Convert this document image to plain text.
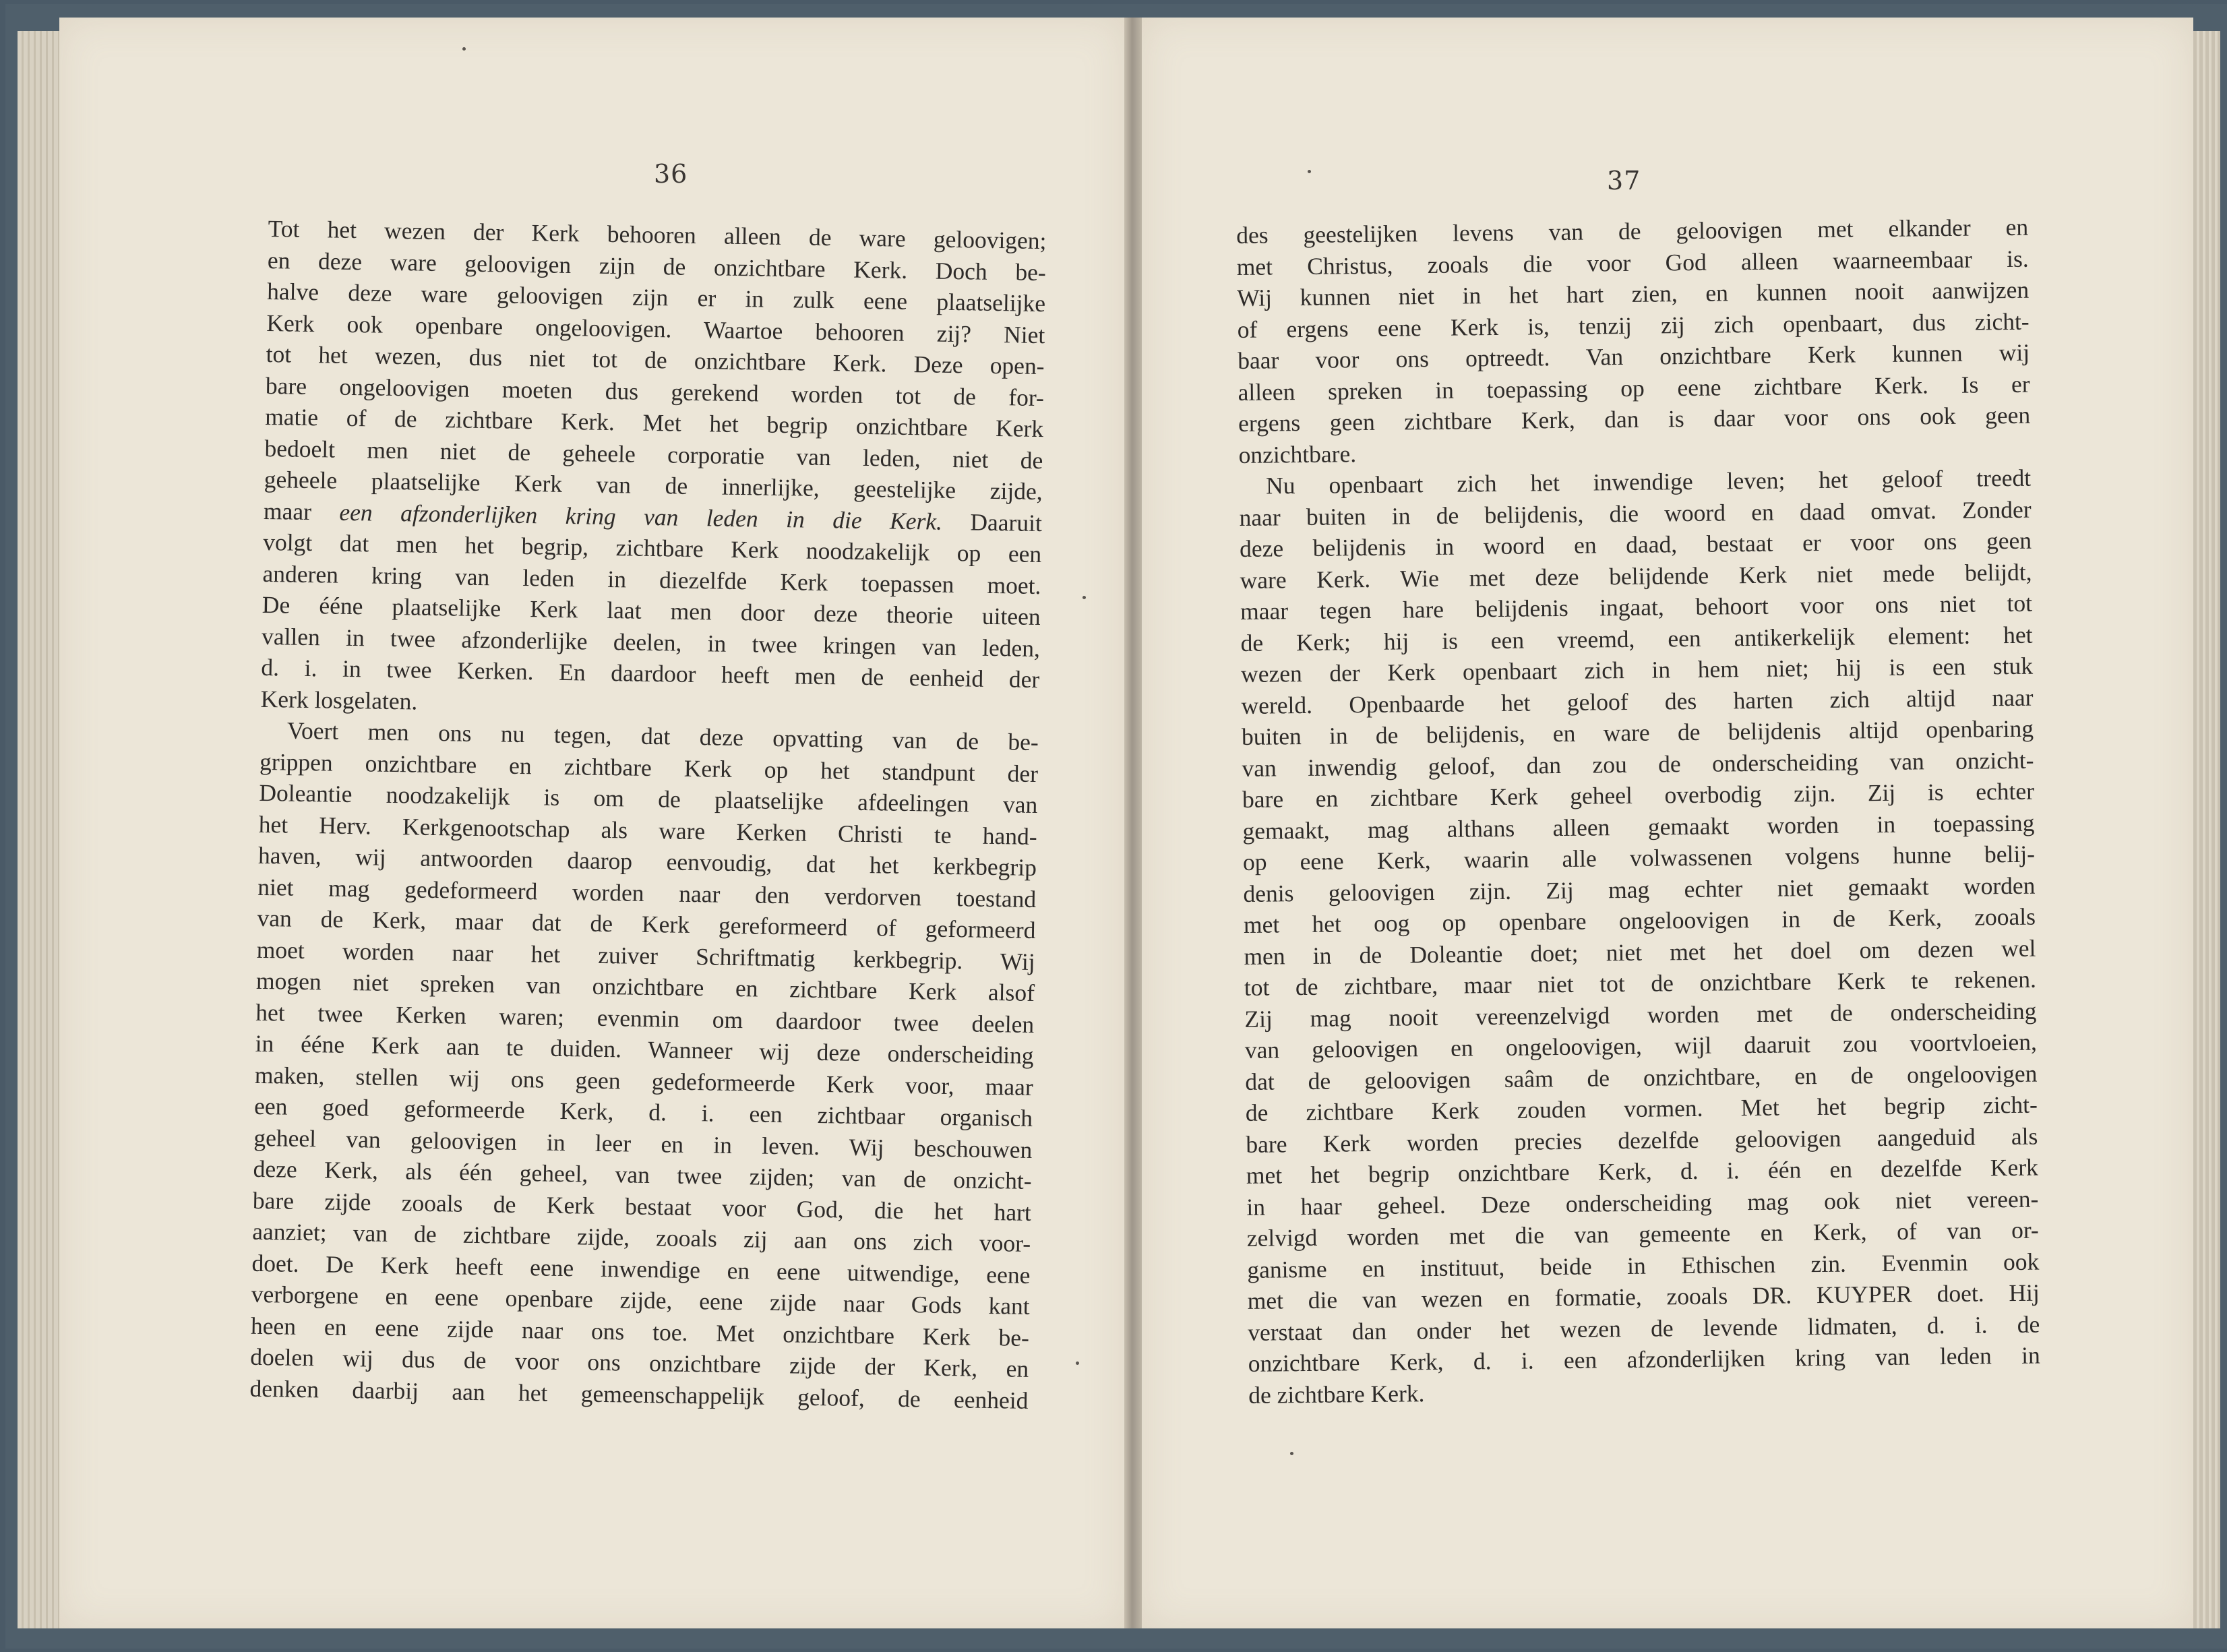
36
Tot het wezen der Kerk behooren alleen de ware geloovigen;
en deze ware geloovigen zijn de onzichtbare Kerk. Doch be-
halve deze ware geloovigen zijn er in zulk eene plaatselijke
Kerk ook openbare ongeloovigen. Waartoe behooren zij? Niet
tot het wezen, dus niet tot de onzichtbare Kerk. Deze open-
bare ongeloovigen moeten dus gerekend worden tot de for-
matie of de zichtbare Kerk. Met het begrip onzichtbare Kerk
bedoelt men niet de geheele corporatie van leden, niet de
geheele plaatselijke Kerk van de innerlijke, geestelijke zijde,
maar een afzonderlijken kring van leden in die Kerk. Daaruit
volgt dat men het begrip, zichtbare Kerk noodzakelijk op een
anderen kring van leden in diezelfde Kerk toepassen moet.
De ééne plaatselijke Kerk laat men door deze theorie uiteen
vallen in twee afzonderlijke deelen, in twee kringen van leden,
d. i. in twee Kerken. En daardoor heeft men de eenheid der
Kerk losgelaten.
Voert men ons nu tegen, dat deze opvatting van de be-
grippen onzichtbare en zichtbare Kerk op het standpunt der
Doleantie noodzakelijk is om de plaatselijke afdeelingen van
het Herv. Kerkgenootschap als ware Kerken Christi te hand-
haven, wij antwoorden daarop eenvoudig, dat het kerkbegrip
niet mag gedeformeerd worden naar den verdorven toestand
van de Kerk, maar dat de Kerk gereformeerd of geformeerd
moet worden naar het zuiver Schriftmatig kerkbegrip. Wij
mogen niet spreken van onzichtbare en zichtbare Kerk alsof
het twee Kerken waren; evenmin om daardoor twee deelen
in ééne Kerk aan te duiden. Wanneer wij deze onderscheiding
maken, stellen wij ons geen gedeformeerde Kerk voor, maar
een goed geformeerde Kerk, d. i. een zichtbaar organisch
geheel van geloovigen in leer en in leven. Wij beschouwen
deze Kerk, als één geheel, van twee zijden; van de onzicht-
bare zijde zooals de Kerk bestaat voor God, die het hart
aanziet; van de zichtbare zijde, zooals zij aan ons zich voor-
doet. De Kerk heeft eene inwendige en eene uitwendige, eene
verborgene en eene openbare zijde, eene zijde naar Gods kant
heen en eene zijde naar ons toe. Met onzichtbare Kerk be-
doelen wij dus de voor ons onzichtbare zijde der Kerk, en
denken daarbij aan het gemeenschappelijk geloof, de eenheid
37
des geestelijken levens van de geloovigen met elkander en
met Christus, zooals die voor God alleen waarneembaar is.
Wij kunnen niet in het hart zien, en kunnen nooit aanwijzen
of ergens eene Kerk is, tenzij zij zich openbaart, dus zicht-
baar voor ons optreedt. Van onzichtbare Kerk kunnen wij
alleen spreken in toepassing op eene zichtbare Kerk. Is er
ergens geen zichtbare Kerk, dan is daar voor ons ook geen
onzichtbare.
Nu openbaart zich het inwendige leven; het geloof treedt
naar buiten in de belijdenis, die woord en daad omvat. Zonder
deze belijdenis in woord en daad, bestaat er voor ons geen
ware Kerk. Wie met deze belijdende Kerk niet mede belijdt,
maar tegen hare belijdenis ingaat, behoort voor ons niet tot
de Kerk; hij is een vreemd, een antikerkelijk element: het
wezen der Kerk openbaart zich in hem niet; hij is een stuk
wereld. Openbaarde het geloof des harten zich altijd naar
buiten in de belijdenis, en ware de belijdenis altijd openbaring
van inwendig geloof, dan zou de onderscheiding van onzicht-
bare en zichtbare Kerk geheel overbodig zijn. Zij is echter
gemaakt, mag althans alleen gemaakt worden in toepassing
op eene Kerk, waarin alle volwassenen volgens hunne belij-
denis geloovigen zijn. Zij mag echter niet gemaakt worden
met het oog op openbare ongeloovigen in de Kerk, zooals
men in de Doleantie doet; niet met het doel om dezen wel
tot de zichtbare, maar niet tot de onzichtbare Kerk te rekenen.
Zij mag nooit vereenzelvigd worden met de onderscheiding
van geloovigen en ongeloovigen, wijl daaruit zou voortvloeien,
dat de geloovigen saâm de onzichtbare, en de ongeloovigen
de zichtbare Kerk zouden vormen. Met het begrip zicht-
bare Kerk worden precies dezelfde geloovigen aangeduid als
met het begrip onzichtbare Kerk, d. i. één en dezelfde Kerk
in haar geheel. Deze onderscheiding mag ook niet vereen-
zelvigd worden met die van gemeente en Kerk, of van or-
ganisme en instituut, beide in Ethischen zin. Evenmin ook
met die van wezen en formatie, zooals DR. KUYPER doet. Hij
verstaat dan onder het wezen de levende lidmaten, d. i. de
onzichtbare Kerk, d. i. een afzonderlijken kring van leden in
de zichtbare Kerk.
